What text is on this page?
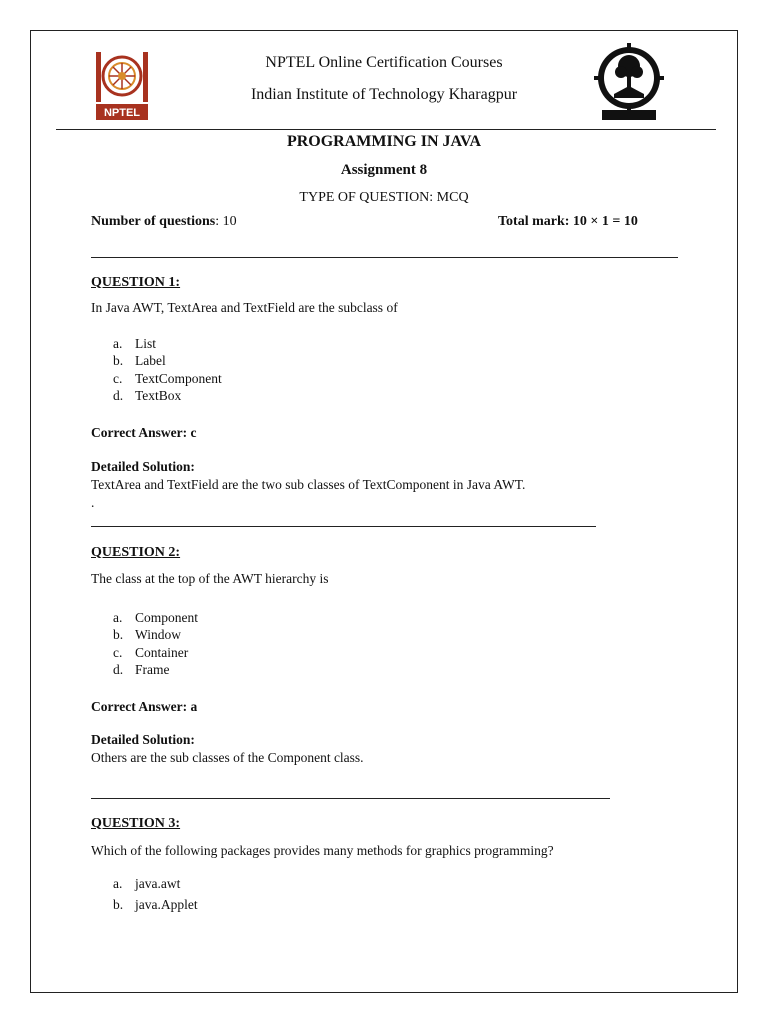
NPTEL
NPTEL Online Certification Courses
Indian Institute of Technology Kharagpur
PROGRAMMING IN JAVA
Assignment 8
TYPE OF QUESTION: MCQ
Number of questions: 10	Total mark: 10 × 1 = 10
QUESTION 1:
In Java AWT, TextArea and TextField are the subclass of
a. List
b. Label
c. TextComponent
d. TextBox
Correct Answer: c
Detailed Solution:
TextArea and TextField are the two sub classes of TextComponent in Java AWT.
.
QUESTION 2:
The class at the top of the AWT hierarchy is
a. Component
b. Window
c. Container
d. Frame
Correct Answer: a
Detailed Solution:
Others are the sub classes of the Component class.
QUESTION 3:
Which of the following packages provides many methods for graphics programming?
a. java.awt
b. java.Applet
